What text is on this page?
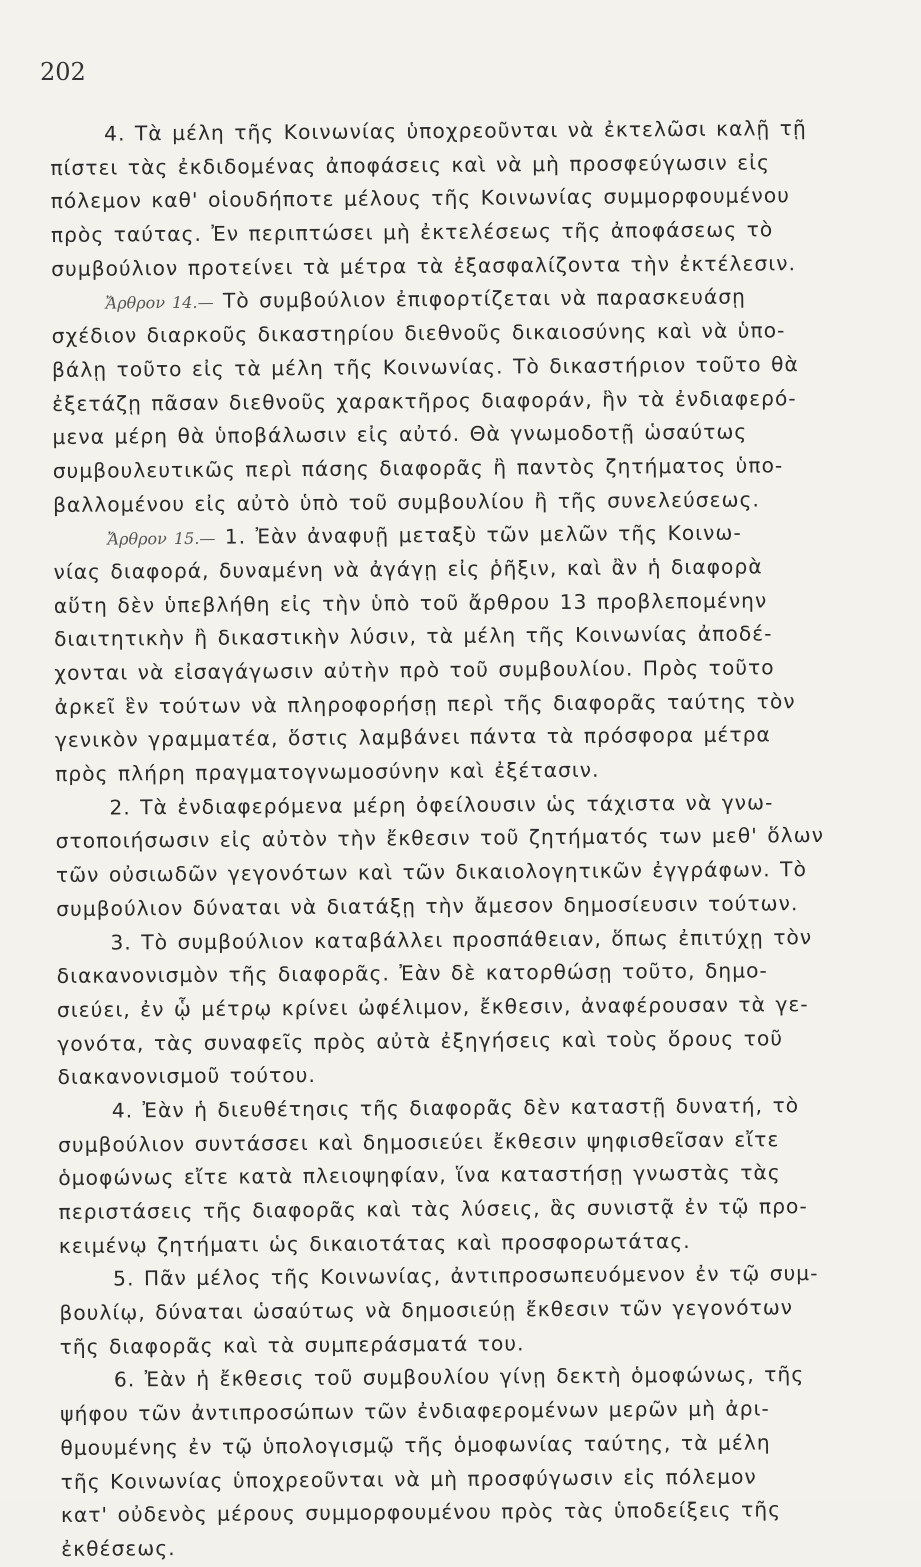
202
4. Τὰ μέλη τῆς Κοινωνίας ὑποχρεοῦνται νὰ ἐκτελῶσι καλῇ τῇ
πίστει τὰς ἐκδιδομένας ἀποφάσεις καὶ νὰ μὴ προσφεύγωσιν εἰς
πόλεμον καθ' οἱουδήποτε μέλους τῆς Κοινωνίας συμμορφουμένου
πρὸς ταύτας. Ἐν περιπτώσει μὴ ἐκτελέσεως τῆς ἀποφάσεως τὸ
συμβούλιον προτείνει τὰ μέτρα τὰ ἐξασφαλίζοντα τὴν ἐκτέλεσιν.
Ἄρθρον 14.— Τὸ συμβούλιον ἐπιφορτίζεται νὰ παρασκευάσῃ
σχέδιον διαρκοῦς δικαστηρίου διεθνοῦς δικαιοσύνης καὶ νὰ ὑπο-
βάλῃ τοῦτο εἰς τὰ μέλη τῆς Κοινωνίας. Τὸ δικαστήριον τοῦτο θὰ
ἐξετάζῃ πᾶσαν διεθνοῦς χαρακτῆρος διαφοράν, ἣν τὰ ἐνδιαφερό-
μενα μέρη θὰ ὑποβάλωσιν εἰς αὐτό. Θὰ γνωμοδοτῇ ὡσαύτως
συμβουλευτικῶς περὶ πάσης διαφορᾶς ἢ παντὸς ζητήματος ὑπο-
βαλλομένου εἰς αὐτὸ ὑπὸ τοῦ συμβουλίου ἢ τῆς συνελεύσεως.
Ἄρθρον 15.— 1. Ἐὰν ἀναφυῇ μεταξὺ τῶν μελῶν τῆς Κοινω-
νίας διαφορά, δυναμένη νὰ ἀγάγῃ εἰς ῥῆξιν, καὶ ἂν ἡ διαφορὰ
αὕτη δὲν ὑπεβλήθη εἰς τὴν ὑπὸ τοῦ ἄρθρου 13 προβλεπομένην
διαιτητικὴν ἢ δικαστικὴν λύσιν, τὰ μέλη τῆς Κοινωνίας ἀποδέ-
χονται νὰ εἰσαγάγωσιν αὐτὴν πρὸ τοῦ συμβουλίου. Πρὸς τοῦτο
ἀρκεῖ ἓν τούτων νὰ πληροφορήσῃ περὶ τῆς διαφορᾶς ταύτης τὸν
γενικὸν γραμματέα, ὅστις λαμβάνει πάντα τὰ πρόσφορα μέτρα
πρὸς πλήρη πραγματογνωμοσύνην καὶ ἐξέτασιν.
2. Τὰ ἐνδιαφερόμενα μέρη ὀφείλουσιν ὡς τάχιστα νὰ γνω-
στοποιήσωσιν εἰς αὐτὸν τὴν ἔκθεσιν τοῦ ζητήματός των μεθ' ὅλων
τῶν οὐσιωδῶν γεγονότων καὶ τῶν δικαιολογητικῶν ἐγγράφων. Τὸ
συμβούλιον δύναται νὰ διατάξῃ τὴν ἄμεσον δημοσίευσιν τούτων.
3. Τὸ συμβούλιον καταβάλλει προσπάθειαν, ὅπως ἐπιτύχῃ τὸν
διακανονισμὸν τῆς διαφορᾶς. Ἐὰν δὲ κατορθώσῃ τοῦτο, δημο-
σιεύει, ἐν ᾧ μέτρῳ κρίνει ὠφέλιμον, ἔκθεσιν, ἀναφέρουσαν τὰ γε-
γονότα, τὰς συναφεῖς πρὸς αὐτὰ ἐξηγήσεις καὶ τοὺς ὅρους τοῦ
διακανονισμοῦ τούτου.
4. Ἐὰν ἡ διευθέτησις τῆς διαφορᾶς δὲν καταστῇ δυνατή, τὸ
συμβούλιον συντάσσει καὶ δημοσιεύει ἔκθεσιν ψηφισθεῖσαν εἴτε
ὁμοφώνως εἴτε κατὰ πλειοψηφίαν, ἵνα καταστήσῃ γνωστὰς τὰς
περιστάσεις τῆς διαφορᾶς καὶ τὰς λύσεις, ἃς συνιστᾷ ἐν τῷ προ-
κειμένῳ ζητήματι ὡς δικαιοτάτας καὶ προσφορωτάτας.
5. Πᾶν μέλος τῆς Κοινωνίας, ἀντιπροσωπευόμενον ἐν τῷ συμ-
βουλίῳ, δύναται ὡσαύτως νὰ δημοσιεύῃ ἔκθεσιν τῶν γεγονότων
τῆς διαφορᾶς καὶ τὰ συμπεράσματά του.
6. Ἐὰν ἡ ἔκθεσις τοῦ συμβουλίου γίνῃ δεκτὴ ὁμοφώνως, τῆς
ψήφου τῶν ἀντιπροσώπων τῶν ἐνδιαφερομένων μερῶν μὴ ἀρι-
θμουμένης ἐν τῷ ὑπολογισμῷ τῆς ὁμοφωνίας ταύτης, τὰ μέλη
τῆς Κοινωνίας ὑποχρεοῦνται νὰ μὴ προσφύγωσιν εἰς πόλεμον
κατ' οὐδενὸς μέρους συμμορφουμένου πρὸς τὰς ὑποδείξεις τῆς
ἐκθέσεως.
